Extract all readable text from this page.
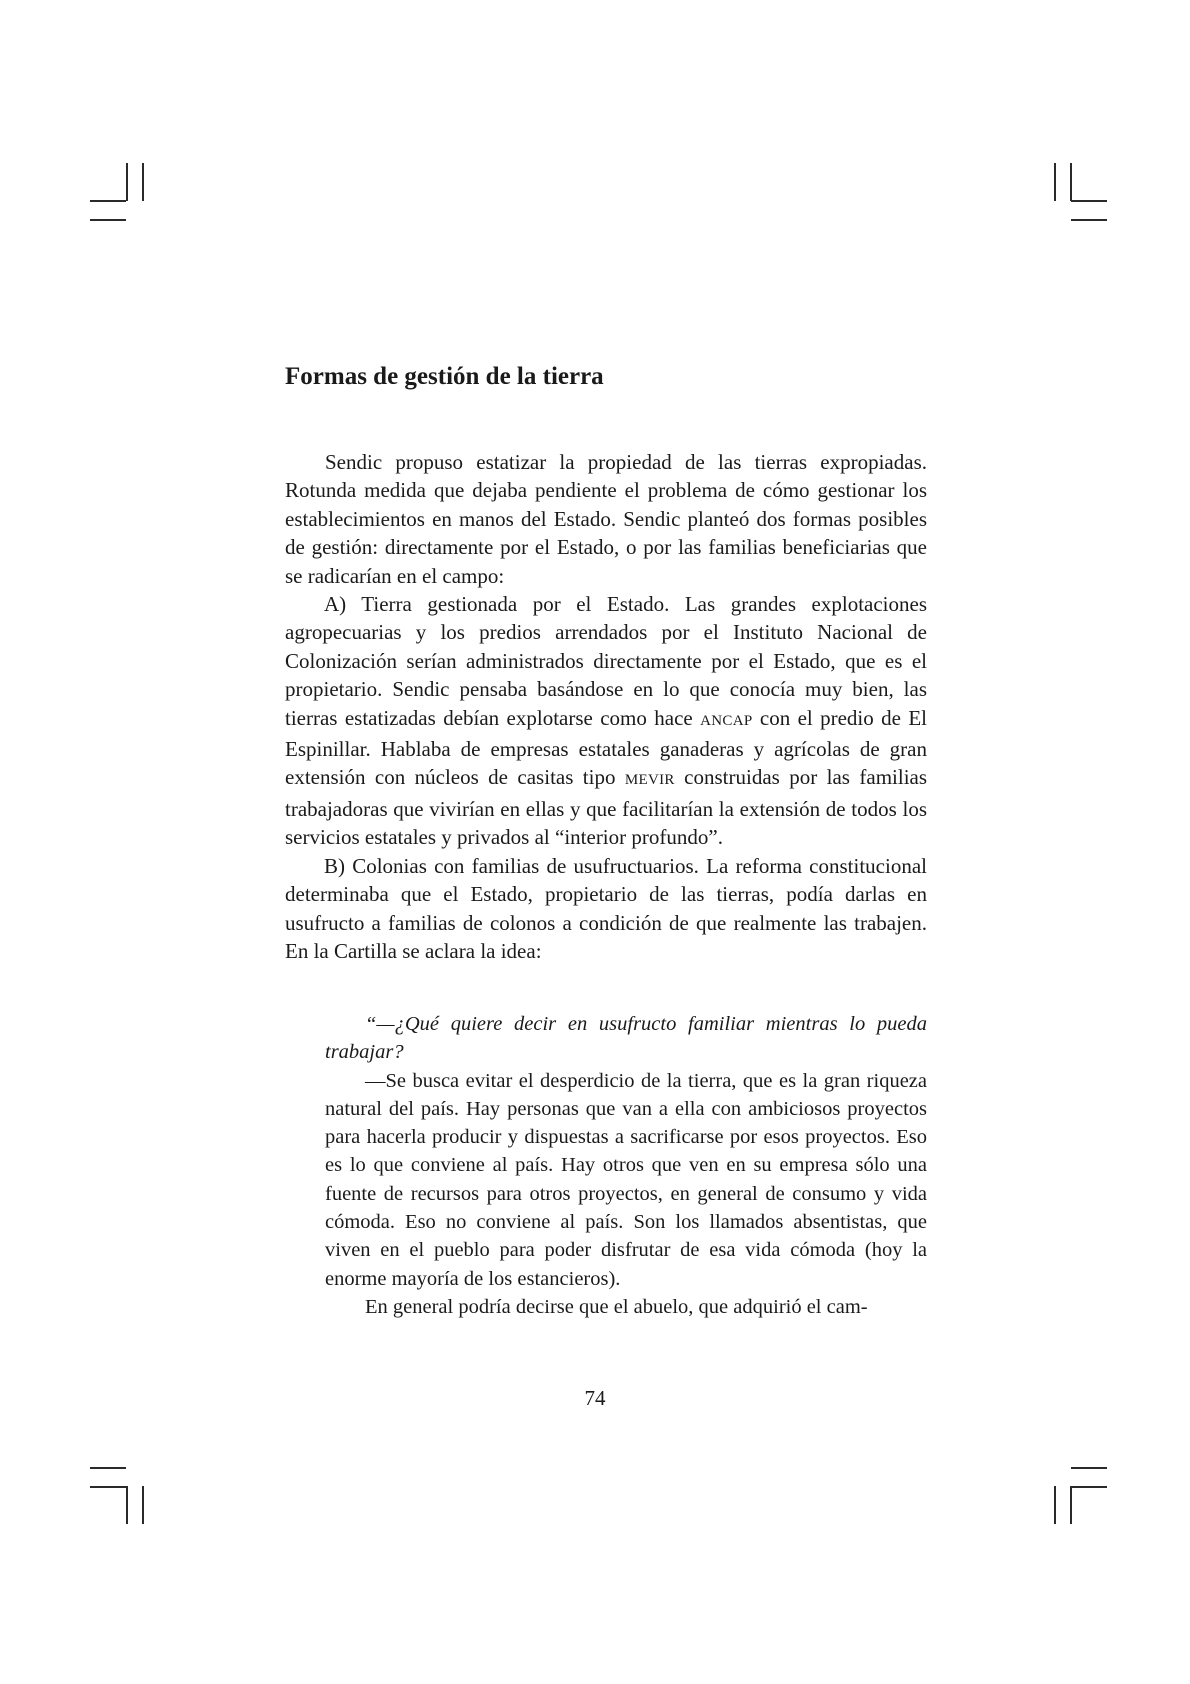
Formas de gestión de la tierra

Sendic propuso estatizar la propiedad de las tierras expropiadas. Rotunda medida que dejaba pendiente el problema de cómo gestionar los establecimientos en manos del Estado. Sendic planteó dos formas posibles de gestión: directamente por el Estado, o por las familias beneficiarias que se radicarían en el campo:

A) Tierra gestionada por el Estado. Las grandes explotaciones agropecuarias y los predios arrendados por el Instituto Nacional de Colonización serían administrados directamente por el Estado, que es el propietario. Sendic pensaba basándose en lo que conocía muy bien, las tierras estatizadas debían explotarse como hace ANCAP con el predio de El Espinillar. Hablaba de empresas estatales ganaderas y agrícolas de gran extensión con núcleos de casitas tipo MEVIR construidas por las familias trabajadoras que vivirían en ellas y que facilitarían la extensión de todos los servicios estatales y privados al “interior profundo”.

B) Colonias con familias de usufructuarios. La reforma constitucional determinaba que el Estado, propietario de las tierras, podía darlas en usufructo a familias de colonos a condición de que realmente las trabajen. En la Cartilla se aclara la idea:

“—¿Qué quiere decir en usufructo familiar mientras lo pueda trabajar?

—Se busca evitar el desperdicio de la tierra, que es la gran riqueza natural del país. Hay personas que van a ella con ambiciosos proyectos para hacerla producir y dispuestas a sacrificarse por esos proyectos. Eso es lo que conviene al país. Hay otros que ven en su empresa sólo una fuente de recursos para otros proyectos, en general de consumo y vida cómoda. Eso no conviene al país. Son los llamados absentistas, que viven en el pueblo para poder disfrutar de esa vida cómoda (hoy la enorme mayoría de los estancieros).

En general podría decirse que el abuelo, que adquirió el cam-

74
